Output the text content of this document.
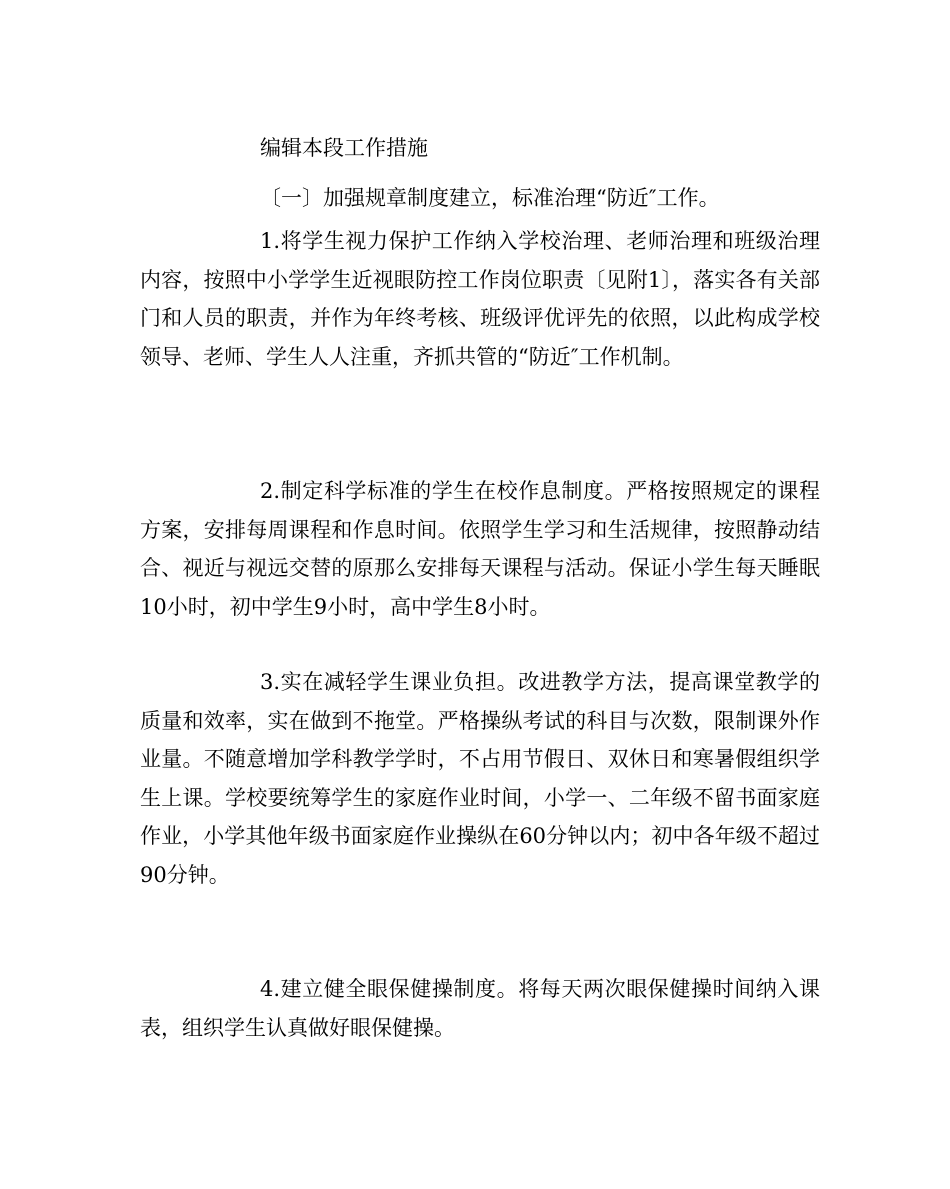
编辑本段工作措施
〔一〕加强规章制度建立，标准治理“防近″工作。

1.将学生视力保护工作纳入学校治理、老师治理和班级治理内容，按照中小学学生近视眼防控工作岗位职责〔见附1〕，落实各有关部门和人员的职责，并作为年终考核、班级评优评先的依照，以此构成学校领导、老师、学生人人注重，齐抓共管的“防近″工作机制。

2.制定科学标准的学生在校作息制度。严格按照规定的课程方案，安排每周课程和作息时间。依照学生学习和生活规律，按照静动结合、视近与视远交替的原那么安排每天课程与活动。保证小学生每天睡眠10小时，初中学生9小时，高中学生8小时。

3.实在减轻学生课业负担。改进教学方法，提高课堂教学的质量和效率，实在做到不拖堂。严格操纵考试的科目与次数，限制课外作业量。不随意增加学科教学学时，不占用节假日、双休日和寒暑假组织学生上课。学校要统筹学生的家庭作业时间，小学一、二年级不留书面家庭作业，小学其他年级书面家庭作业操纵在60分钟以内；初中各年级不超过90分钟。

4.建立健全眼保健操制度。将每天两次眼保健操时间纳入课表，组织学生认真做好眼保健操。
